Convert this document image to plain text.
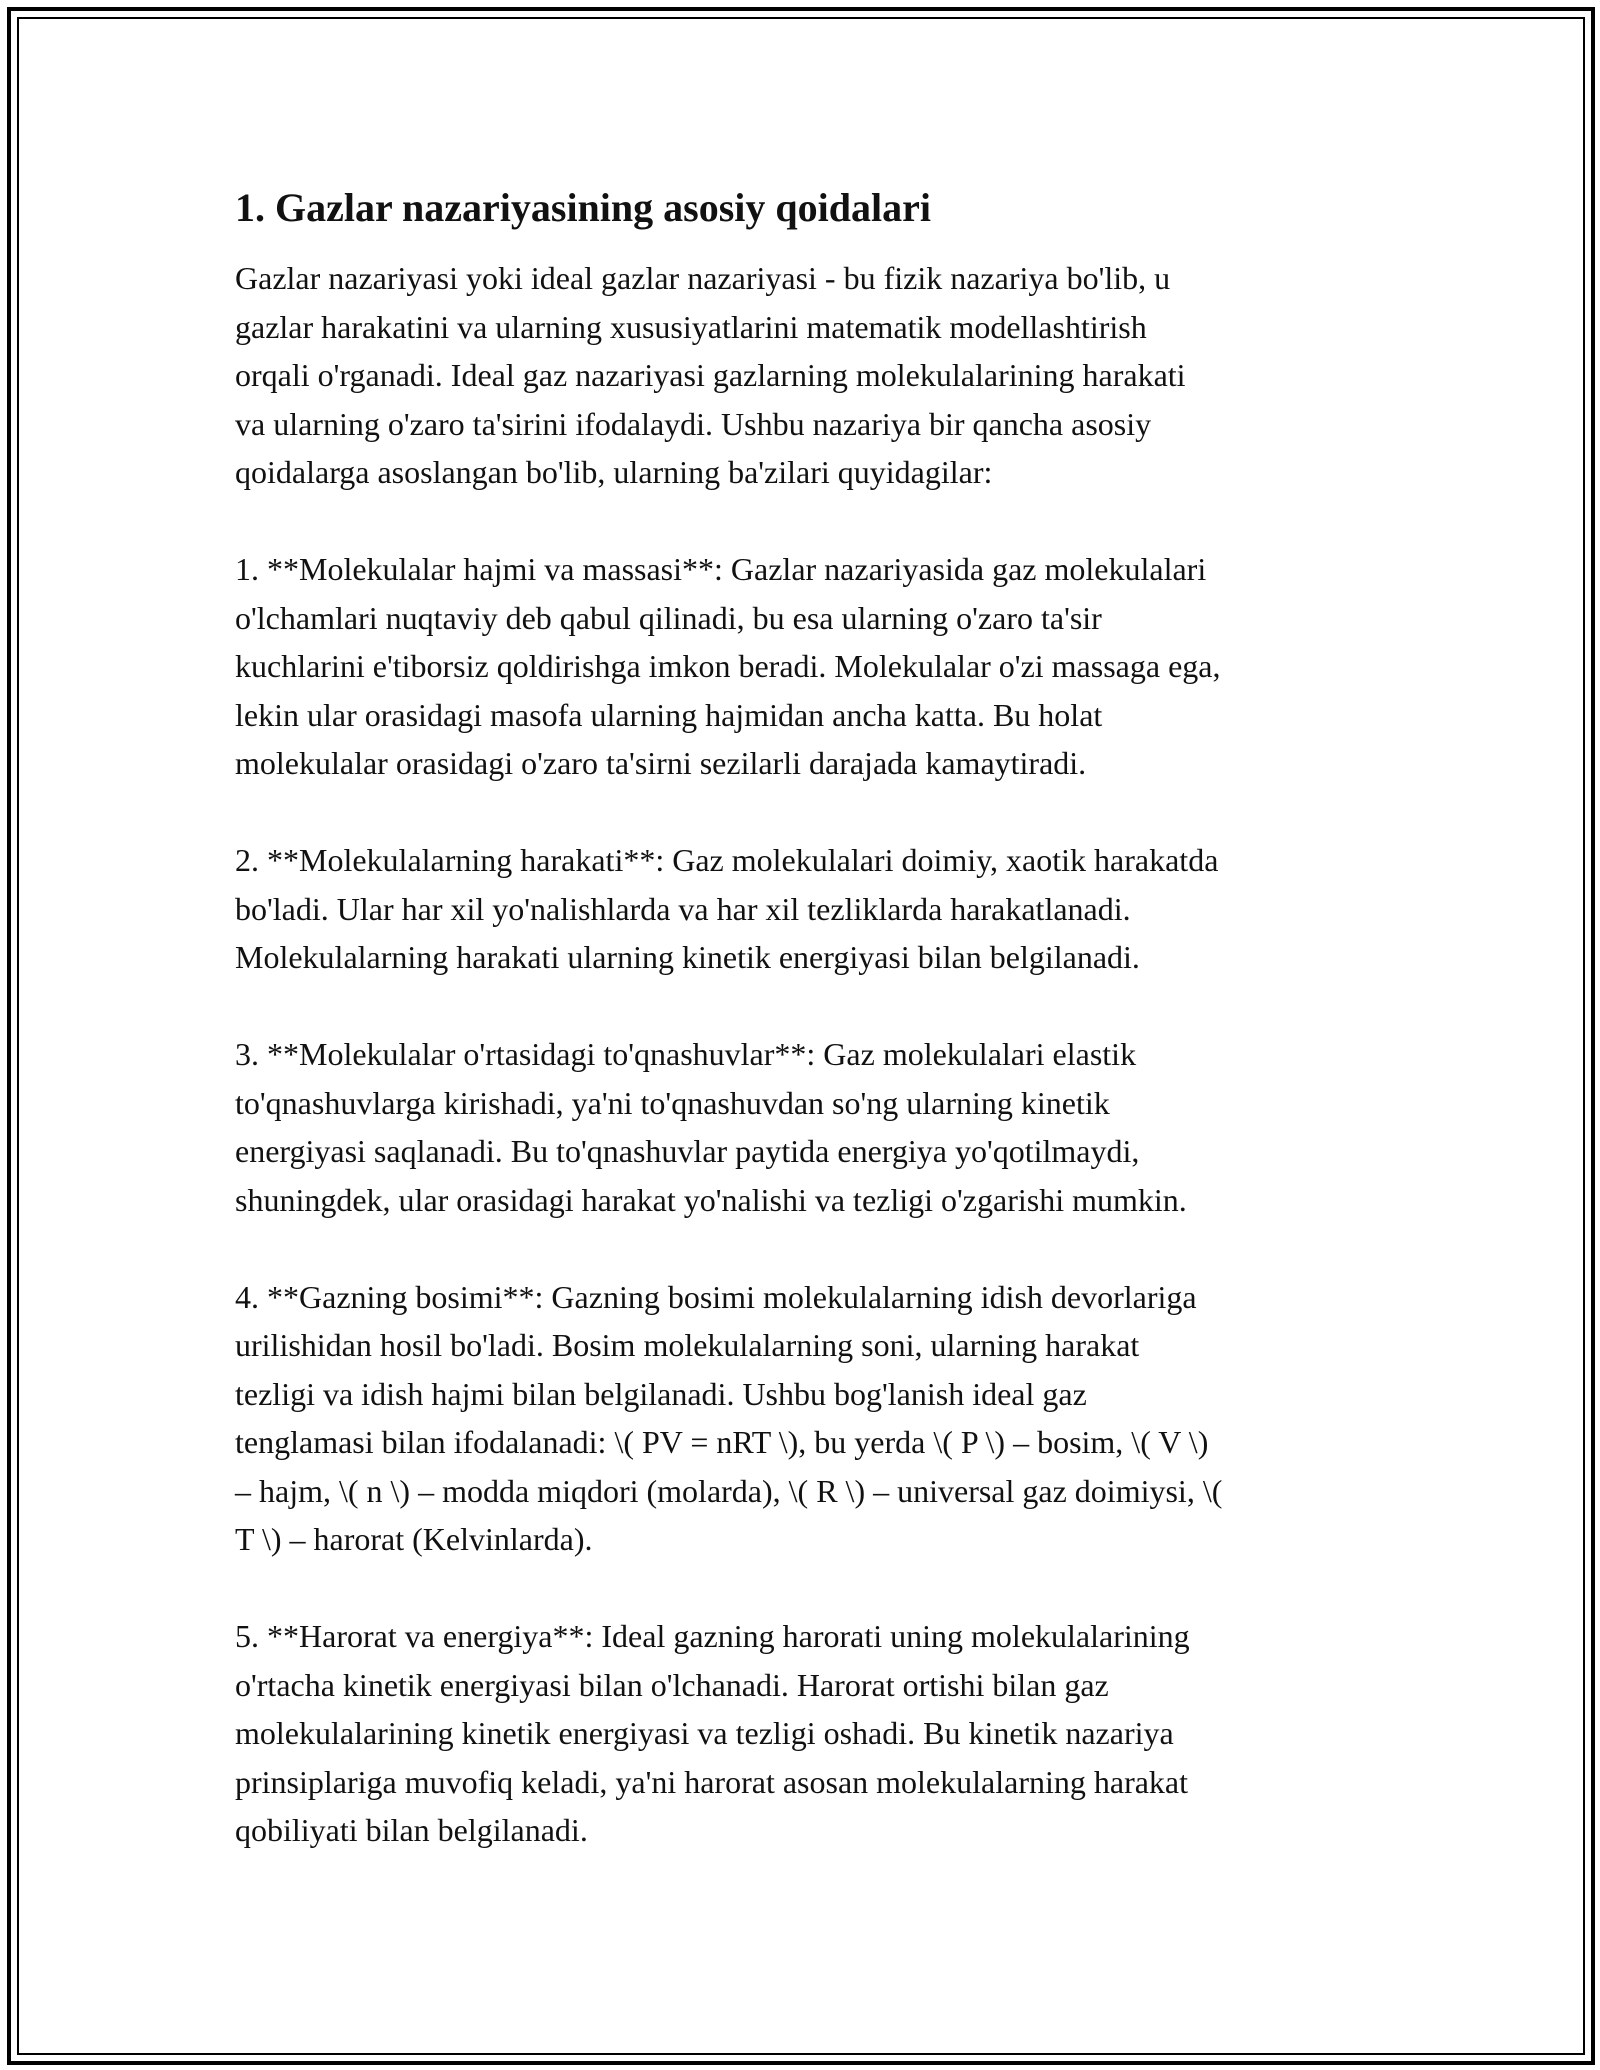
1. Gazlar nazariyasining asosiy qoidalari

Gazlar nazariyasi yoki ideal gazlar nazariyasi - bu fizik nazariya bo'lib, u
gazlar harakatini va ularning xususiyatlarini matematik modellashtirish
orqali o'rganadi. Ideal gaz nazariyasi gazlarning molekulalarining harakati
va ularning o'zaro ta'sirini ifodalaydi. Ushbu nazariya bir qancha asosiy
qoidalarga asoslangan bo'lib, ularning ba'zilari quyidagilar:

1. **Molekulalar hajmi va massasi**: Gazlar nazariyasida gaz molekulalari
o'lchamlari nuqtaviy deb qabul qilinadi, bu esa ularning o'zaro ta'sir
kuchlarini e'tiborsiz qoldirishga imkon beradi. Molekulalar o'zi massaga ega,
lekin ular orasidagi masofa ularning hajmidan ancha katta. Bu holat
molekulalar orasidagi o'zaro ta'sirni sezilarli darajada kamaytiradi.

2. **Molekulalarning harakati**: Gaz molekulalari doimiy, xaotik harakatda
bo'ladi. Ular har xil yo'nalishlarda va har xil tezliklarda harakatlanadi.
Molekulalarning harakati ularning kinetik energiyasi bilan belgilanadi.

3. **Molekulalar o'rtasidagi to'qnashuvlar**: Gaz molekulalari elastik
to'qnashuvlarga kirishadi, ya'ni to'qnashuvdan so'ng ularning kinetik
energiyasi saqlanadi. Bu to'qnashuvlar paytida energiya yo'qotilmaydi,
shuningdek, ular orasidagi harakat yo'nalishi va tezligi o'zgarishi mumkin.

4. **Gazning bosimi**: Gazning bosimi molekulalarning idish devorlariga
urilishidan hosil bo'ladi. Bosim molekulalarning soni, ularning harakat
tezligi va idish hajmi bilan belgilanadi. Ushbu bog'lanish ideal gaz
tenglamasi bilan ifodalanadi: \( PV = nRT \), bu yerda \( P \) – bosim, \( V \)
– hajm, \( n \) – modda miqdori (molarda), \( R \) – universal gaz doimiysi, \(
T \) – harorat (Kelvinlarda).

5. **Harorat va energiya**: Ideal gazning harorati uning molekulalarining
o'rtacha kinetik energiyasi bilan o'lchanadi. Harorat ortishi bilan gaz
molekulalarining kinetik energiyasi va tezligi oshadi. Bu kinetik nazariya
prinsiplariga muvofiq keladi, ya'ni harorat asosan molekulalarning harakat
qobiliyati bilan belgilanadi.
